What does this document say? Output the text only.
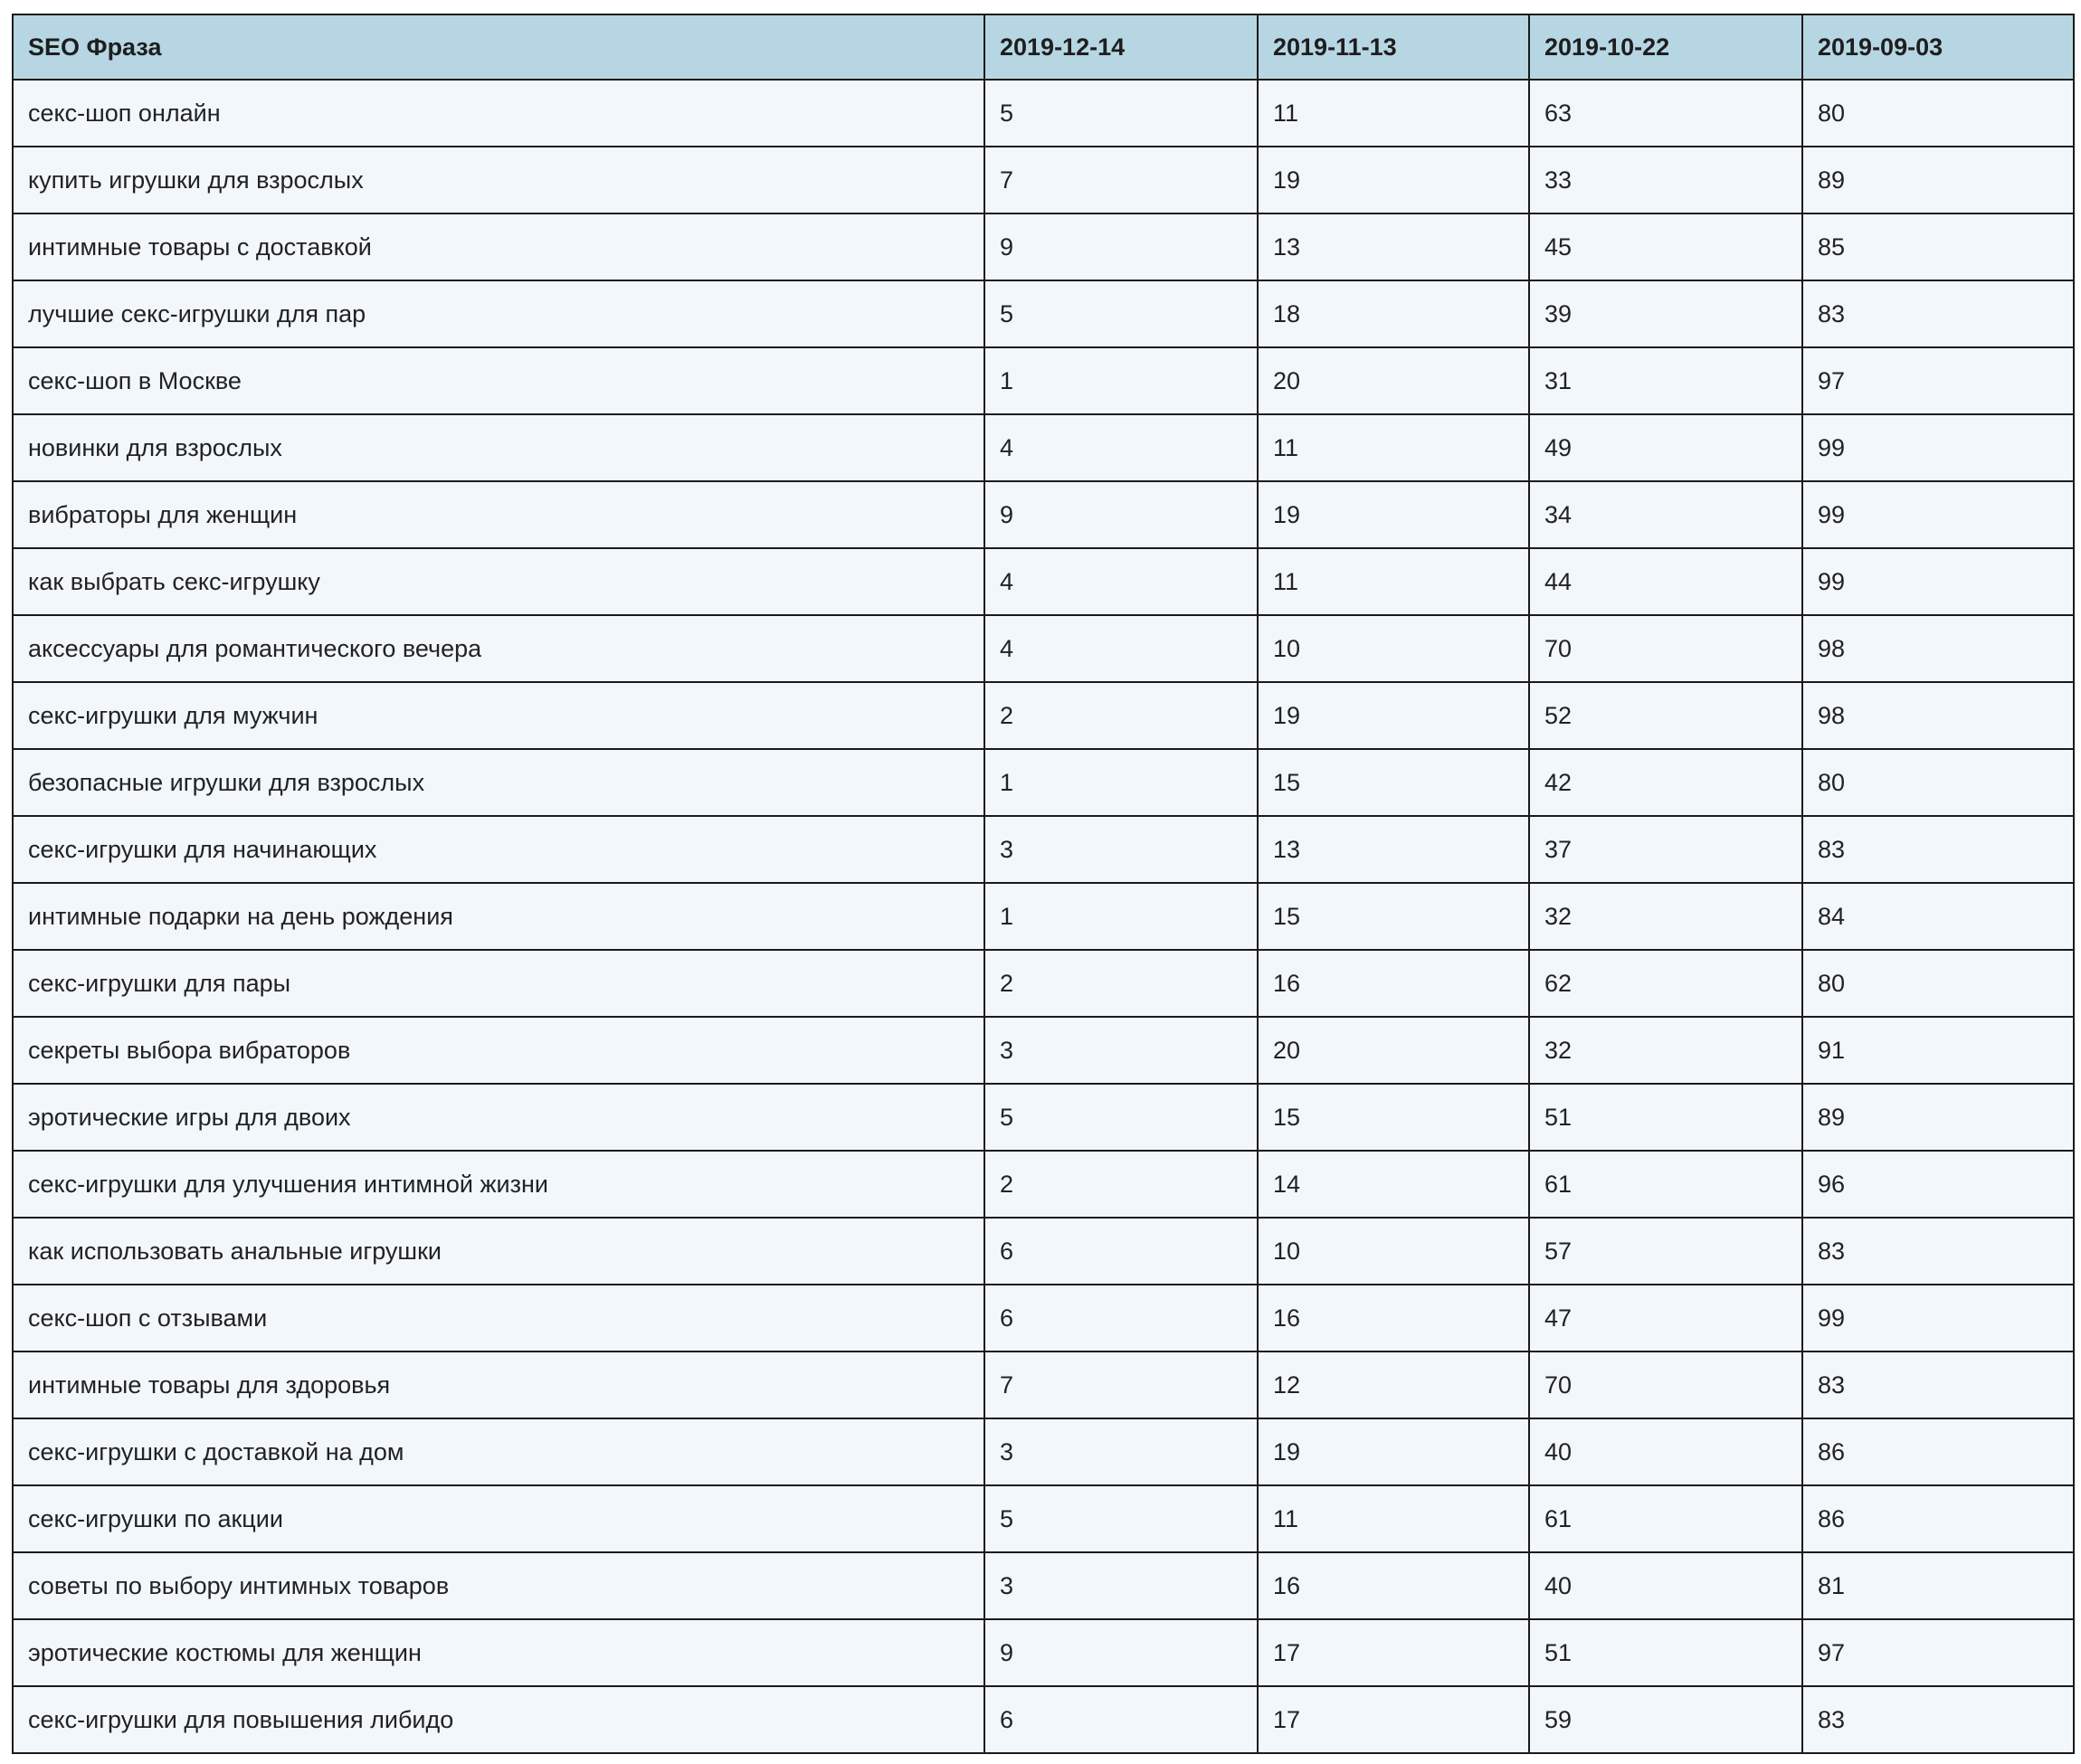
SEO Фраза	2019-12-14	2019-11-13	2019-10-22	2019-09-03
секс-шоп онлайн	5	11	63	80
купить игрушки для взрослых	7	19	33	89
интимные товары с доставкой	9	13	45	85
лучшие секс-игрушки для пар	5	18	39	83
секс-шоп в Москве	1	20	31	97
новинки для взрослых	4	11	49	99
вибраторы для женщин	9	19	34	99
как выбрать секс-игрушку	4	11	44	99
аксессуары для романтического вечера	4	10	70	98
секс-игрушки для мужчин	2	19	52	98
безопасные игрушки для взрослых	1	15	42	80
секс-игрушки для начинающих	3	13	37	83
интимные подарки на день рождения	1	15	32	84
секс-игрушки для пары	2	16	62	80
секреты выбора вибраторов	3	20	32	91
эротические игры для двоих	5	15	51	89
секс-игрушки для улучшения интимной жизни	2	14	61	96
как использовать анальные игрушки	6	10	57	83
секс-шоп с отзывами	6	16	47	99
интимные товары для здоровья	7	12	70	83
секс-игрушки с доставкой на дом	3	19	40	86
секс-игрушки по акции	5	11	61	86
советы по выбору интимных товаров	3	16	40	81
эротические костюмы для женщин	9	17	51	97
секс-игрушки для повышения либидо	6	17	59	83
